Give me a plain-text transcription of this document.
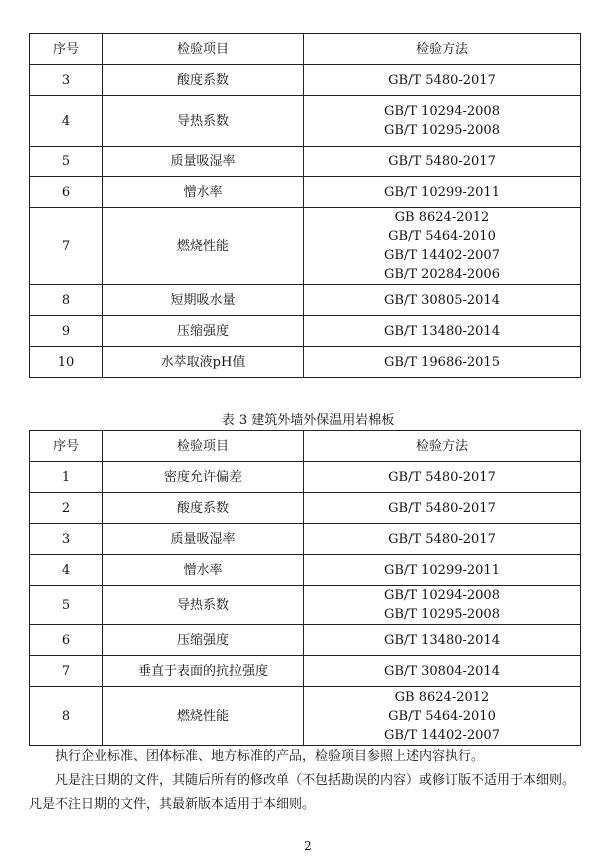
序号	检验项目	检验方法
3	酸度系数	GB/T 5480-2017

4	导热系数	GB/T 10294-2008
GB/T 10295-2008

5	质量吸湿率	GB/T 5480-2017

6	憎水率	GB/T 10299-2011

7	燃烧性能	GB 8624-2012
GB/T 5464-2010
GB/T 14402-2007
GB/T 20284-2006

8	短期吸水量	GB/T 30805-2014

9	压缩强度	GB/T 13480-2014

10	水萃取液pH值	GB/T 19686-2015
表 3 建筑外墙外保温用岩棉板
序号	检验项目	检验方法
1	密度允许偏差	GB/T 5480-2017

2	酸度系数	GB/T 5480-2017

3	质量吸湿率	GB/T 5480-2017

4	憎水率	GB/T 10299-2011

5	导热系数	GB/T 10294-2008
GB/T 10295-2008

6	压缩强度	GB/T 13480-2014

7	垂直于表面的抗拉强度	GB/T 30804-2014

8	燃烧性能	GB 8624-2012
GB/T 5464-2010
GB/T 14402-2007

执行企业标准、团体标准、地方标准的产品，检验项目参照上述内容执行。

凡是注日期的文件，其随后所有的修改单（不包括勘误的内容）或修订版不适用于本细则。凡是不注日期的文件，其最新版本适用于本细则。

2
